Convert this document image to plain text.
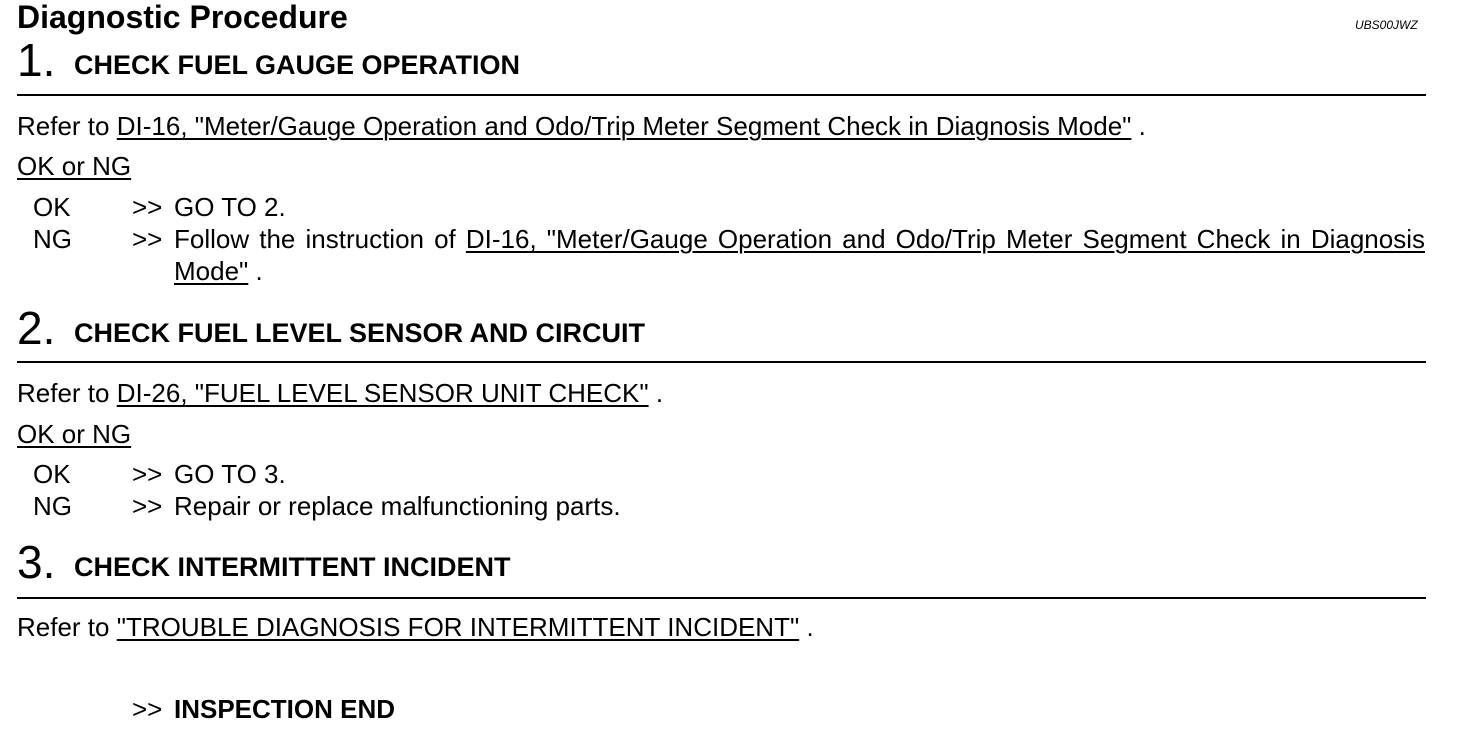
Diagnostic Procedure	UBS00JWZ
1. CHECK FUEL GAUGE OPERATION
Refer to DI-16, "Meter/Gauge Operation and Odo/Trip Meter Segment Check in Diagnosis Mode" .
OK or NG
OK >> GO TO 2.
NG >> Follow the instruction of DI-16, "Meter/Gauge Operation and Odo/Trip Meter Segment Check in Diagnosis Mode" .
2. CHECK FUEL LEVEL SENSOR AND CIRCUIT
Refer to DI-26, "FUEL LEVEL SENSOR UNIT CHECK" .
OK or NG
OK >> GO TO 3.
NG >> Repair or replace malfunctioning parts.
3. CHECK INTERMITTENT INCIDENT
Refer to "TROUBLE DIAGNOSIS FOR INTERMITTENT INCIDENT" .
>> INSPECTION END
